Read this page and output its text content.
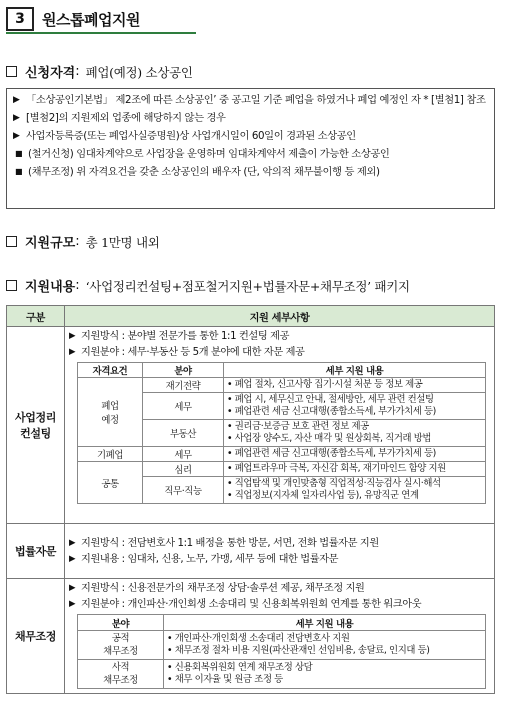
3	원스톱폐업지원
신청자격 : 폐업(예정) 소상공인
▶ 「소상공인기본법」 제2조에 따른 소상공인’ 중 공고일 기준 폐업을 하였거나 폐업 예정인 자 * [별첨1] 참조
▶ [별첨2]의 지원제외 업종에 해당하지 않는 경우
▶ 사업자등록증(또는 폐업사실증명원)상 사업개시일이 60일이 경과된 소상공인
■ (철거신청) 임대차계약으로 사업장을 운영하며 임대차계약서 제출이 가능한 소상공인
■ (채무조정) 위 자격요건을 갖춘 소상공인의 배우자 (단, 악의적 채무불이행 등 제외)
지원규모 : 총 1만명 내외
지원내용 : ‘사업정리컨설팅+점포철거지원+법률자문+채무조정’ 패키지
구분	지원 세부사항
사업정리
컨설팅	
▶ 지원방식 : 분야별 전문가를 통한 1:1 컨설팅 제공
▶ 지원분야 : 세무·부동산 등 5개 분야에 대한 자문 제공
자격요건	분야	세부 지원 내용
폐업
예정	재기전략	• 폐업 절차, 신고사항 집기·시설 처분 등 정보 제공
세무	• 폐업 시, 세무신고 안내, 절세방안, 세무 관련 컨설팅
• 폐업관련 세금 신고대행(종합소득세, 부가가치세 등)
부동산	• 권리금·보증금 보호 관련 정보 제공
• 사업장 양수도, 자산 매각 및 원상회복, 직거래 방법
기폐업	세무	• 폐업관련 세금 신고대행(종합소득세, 부가가치세 등)
공통	심리	• 폐업트라우마 극복, 자신감 회복, 재기마인드 함양 지원
직무·직능	• 직업탐색 및 개인맞춤형 직업적성·직능검사 실시·해석
• 직업정보(지자체 일자리사업 등), 유망직군 연계

법률자문	
▶ 지원방식 : 전담변호사 1:1 배정을 통한 방문, 서면, 전화 법률자문 지원
▶ 지원내용 : 임대차, 신용, 노무, 가맹, 세무 등에 대한 법률자문

채무조정	
▶ 지원방식 : 신용전문가의 채무조정 상담·솔루션 제공, 채무조정 지원
▶ 지원분야 : 개인파산·개인회생 소송대리 및 신용회복위원회 연계를 통한 워크아웃
분야	세부 지원 내용
공적
채무조정	• 개인파산·개인회생 소송대리 전담변호사 지원
• 채무조정 절차 비용 지원(파산관재인 선임비용, 송달료, 인지대 등)
사적
채무조정	• 신용회복위원회 연계 채무조정 상담
• 채무 이자율 및 원금 조정 등
